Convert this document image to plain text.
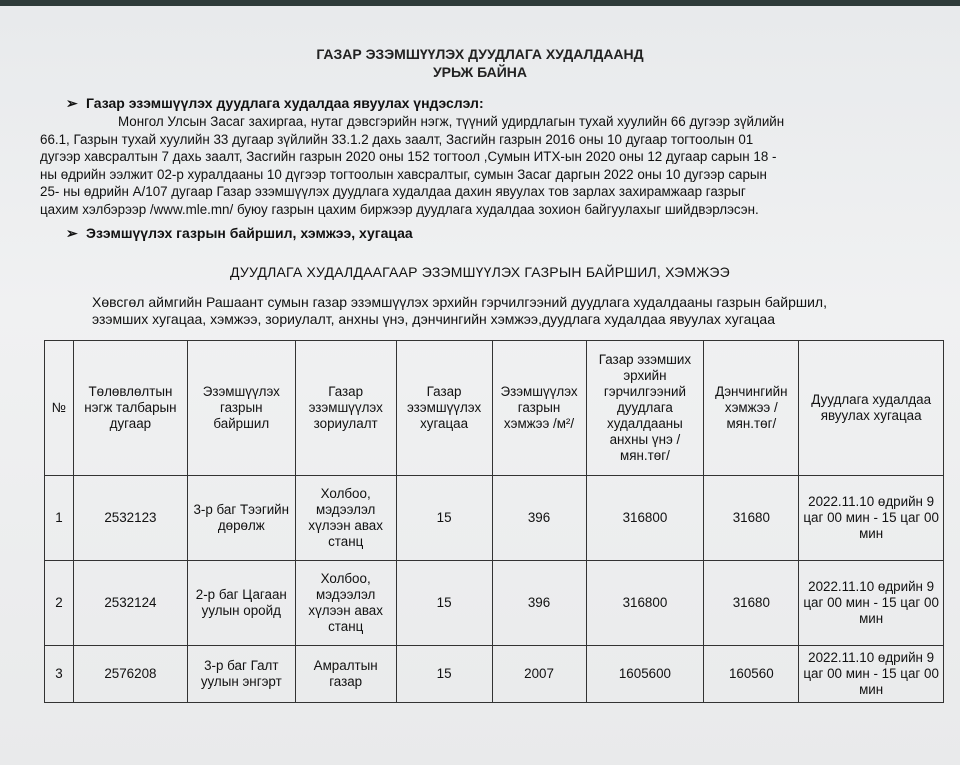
ГАЗАР ЭЗЭМШҮҮЛЭХ ДУУДЛАГА ХУДАЛДААНД
УРЬЖ БАЙНА
➢ Газар эзэмшүүлэх дуудлага худалдаа явуулах үндэслэл:
Монгол Улсын Засаг захиргаа, нутаг дэвсгэрийн нэгж, түүний удирдлагын тухай хуулийн 66 дугээр зүйлийн
66.1, Газрын тухай хуулийн 33 дугаар зүйлийн 33.1.2 дахь заалт, Засгийн газрын 2016 оны 10 дугаар тогтоолын 01
дугээр хавсралтын 7 дахь заалт, Засгийн газрын 2020 оны 152 тогтоол ,Сумын ИТХ-ын 2020 оны 12 дугаар сарын 18 -
ны өдрийн ээлжит 02-р хуралдааны 10 дүгээр тогтоолын хавсралтыг, сумын Засаг даргын 2022 оны 10 дугээр сарын
25- ны өдрийн А/107 дугаар Газар эзэмшүүлэх дуудлага худалдаа дахин явуулах тов зарлах захирамжаар газрыг
цахим хэлбэрээр /www.mle.mn/ буюу газрын цахим биржээр дуудлага худалдаа зохион байгуулахыг шийдвэрлэсэн.
➢ Эзэмшүүлэх газрын байршил, хэмжээ, хугацаа
ДУУДЛАГА ХУДАЛДААГААР ЭЗЭМШҮҮЛЭХ ГАЗРЫН БАЙРШИЛ, ХЭМЖЭЭ
Хөвсгөл аймгийн Рашаант сумын газар эзэмшүүлэх эрхийн гэрчилгээний дуудлага худалдааны газрын байршил,
эзэмших хугацаа, хэмжээ, зориулалт, анхны үнэ, дэнчингийн хэмжээ,дуудлага худалдаа явуулах хугацаа
№	Төлөвлөлтын нэгж талбарын дугаар	Эзэмшүүлэх газрын байршил	Газар эзэмшүүлэх зориулалт	Газар эзэмшүүлэх хугацаа	Эзэмшүүлэх газрын хэмжээ /м²/	Газар эзэмших эрхийн гэрчилгээний дуудлага худалдааны анхны үнэ /мян.төг/	Дэнчингийн хэмжээ /мян.төг/	Дуудлага худалдаа явуулах хугацаа
1	2532123	3-р баг Тээгийн дөрөлж	Холбоо, мэдээлэл хүлээн авах станц	15	396	316800	31680	2022.11.10 өдрийн 9 цаг 00 мин - 15 цаг 00 мин
2	2532124	2-р баг Цагаан уулын оройд	Холбоо, мэдээлэл хүлээн авах станц	15	396	316800	31680	2022.11.10 өдрийн 9 цаг 00 мин - 15 цаг 00 мин
3	2576208	3-р баг Галт уулын энгэрт	Амралтын газар	15	2007	1605600	160560	2022.11.10 өдрийн 9 цаг 00 мин - 15 цаг 00 мин
